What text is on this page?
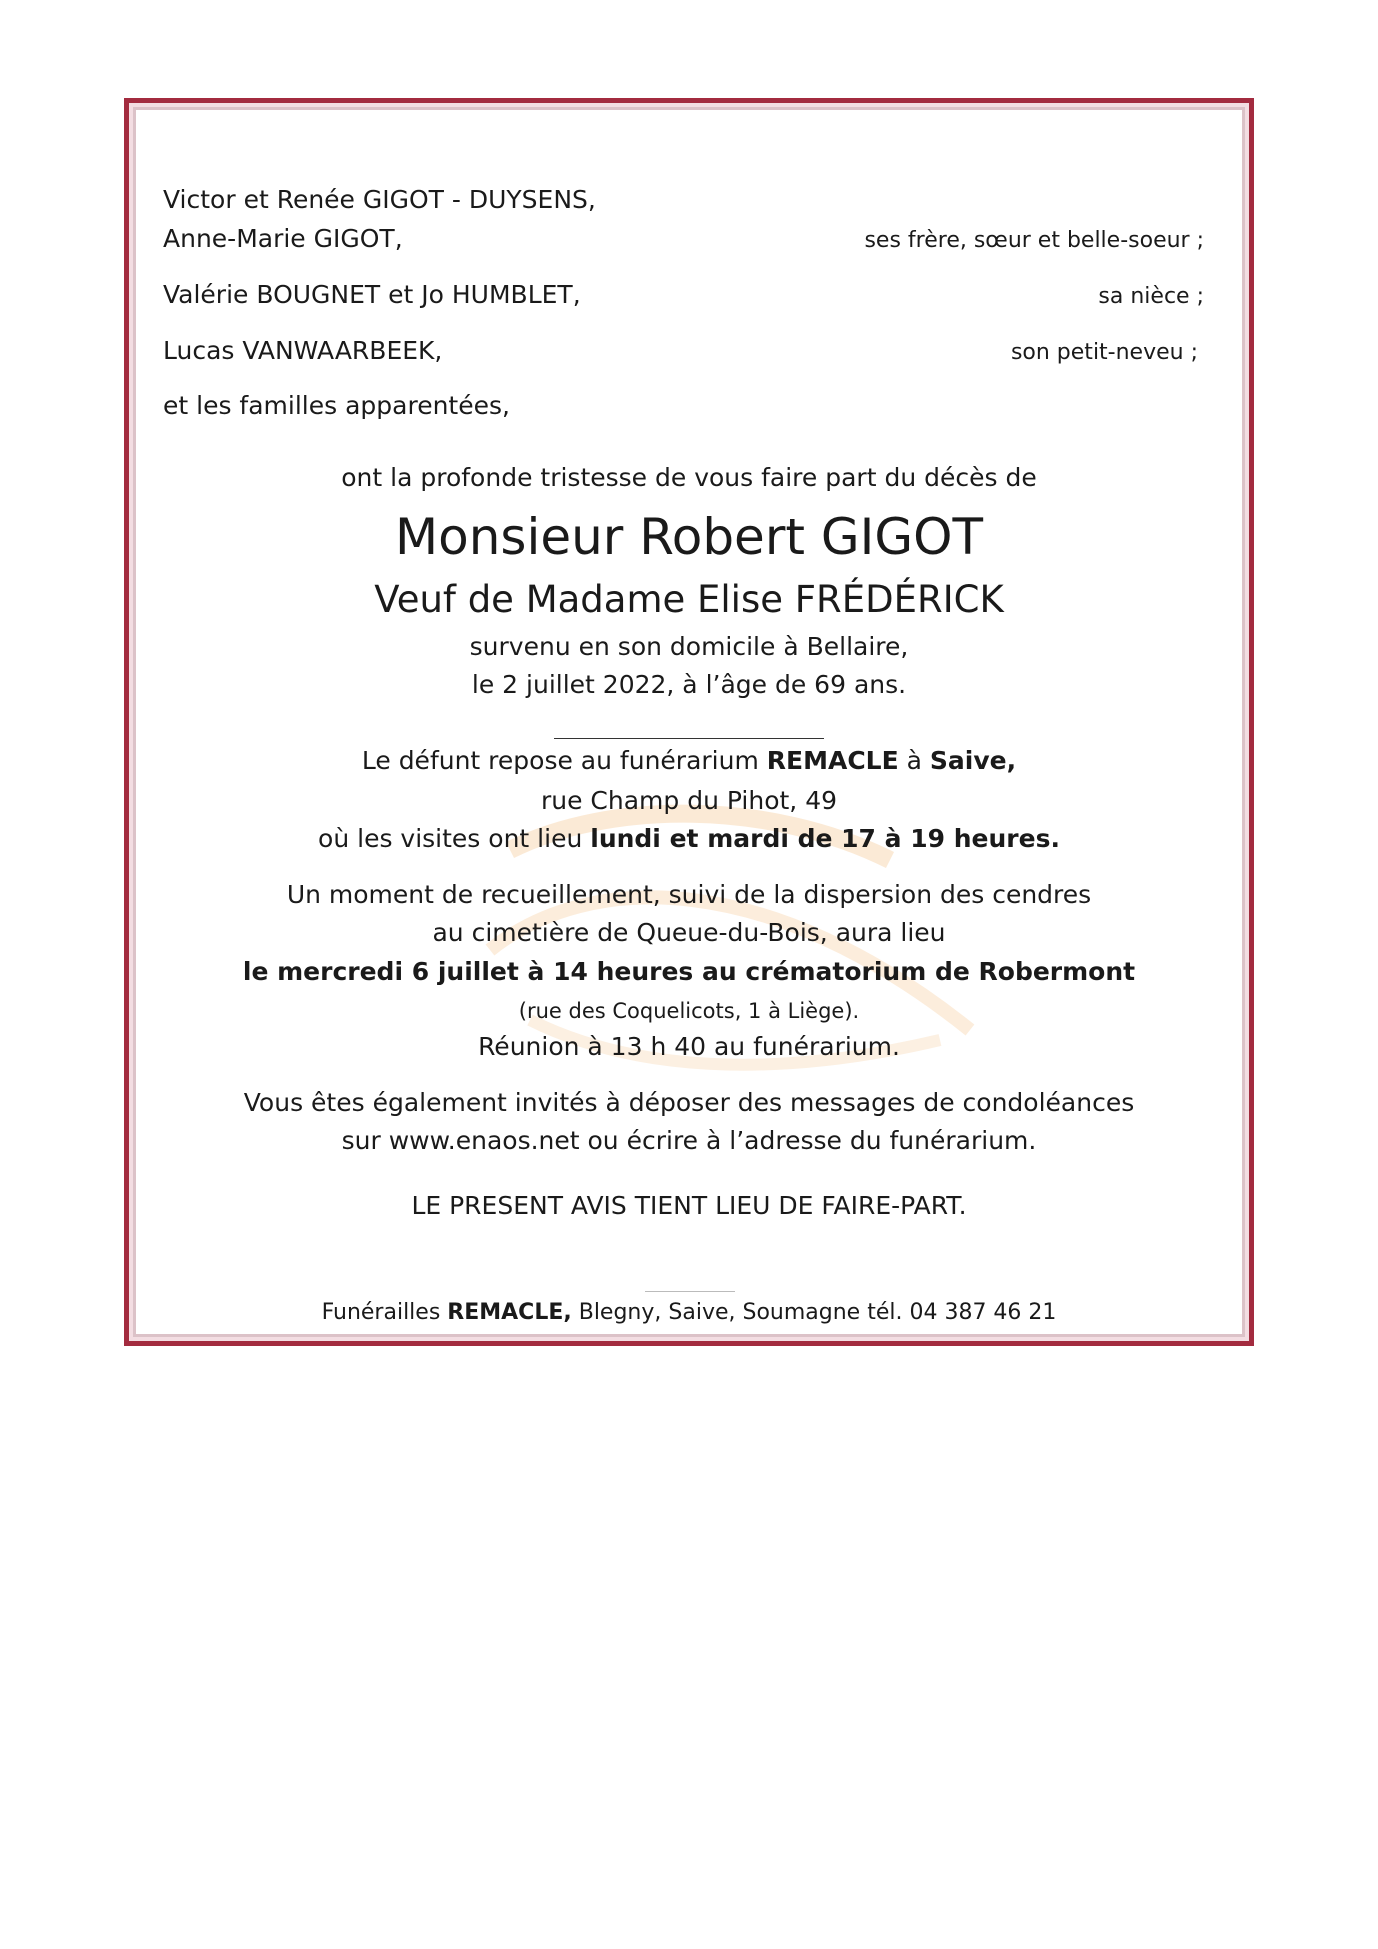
Victor et Renée GIGOT - DUYSENS,
Anne-Marie GIGOT,	ses frère, sœur et belle-soeur ;
Valérie BOUGNET et Jo HUMBLET,	sa nièce ;
Lucas VANWAARBEEK,	son petit-neveu ;
et les familles apparentées,
ont la profonde tristesse de vous faire part du décès de
Monsieur Robert GIGOT
Veuf de Madame Elise FRÉDÉRICK
survenu en son domicile à Bellaire,
le 2 juillet 2022, à l’âge de 69 ans.
Le défunt repose au funérarium REMACLE à Saive,
rue Champ du Pihot, 49
où les visites ont lieu lundi et mardi de 17 à 19 heures.
Un moment de recueillement, suivi de la dispersion des cendres
au cimetière de Queue-du-Bois, aura lieu
le mercredi 6 juillet à 14 heures au crématorium de Robermont
(rue des Coquelicots, 1 à Liège).
Réunion à 13 h 40 au funérarium.
Vous êtes également invités à déposer des messages de condoléances
sur www.enaos.net ou écrire à l’adresse du funérarium.
LE PRESENT AVIS TIENT LIEU DE FAIRE-PART.
Funérailles REMACLE, Blegny, Saive, Soumagne tél. 04 387 46 21
